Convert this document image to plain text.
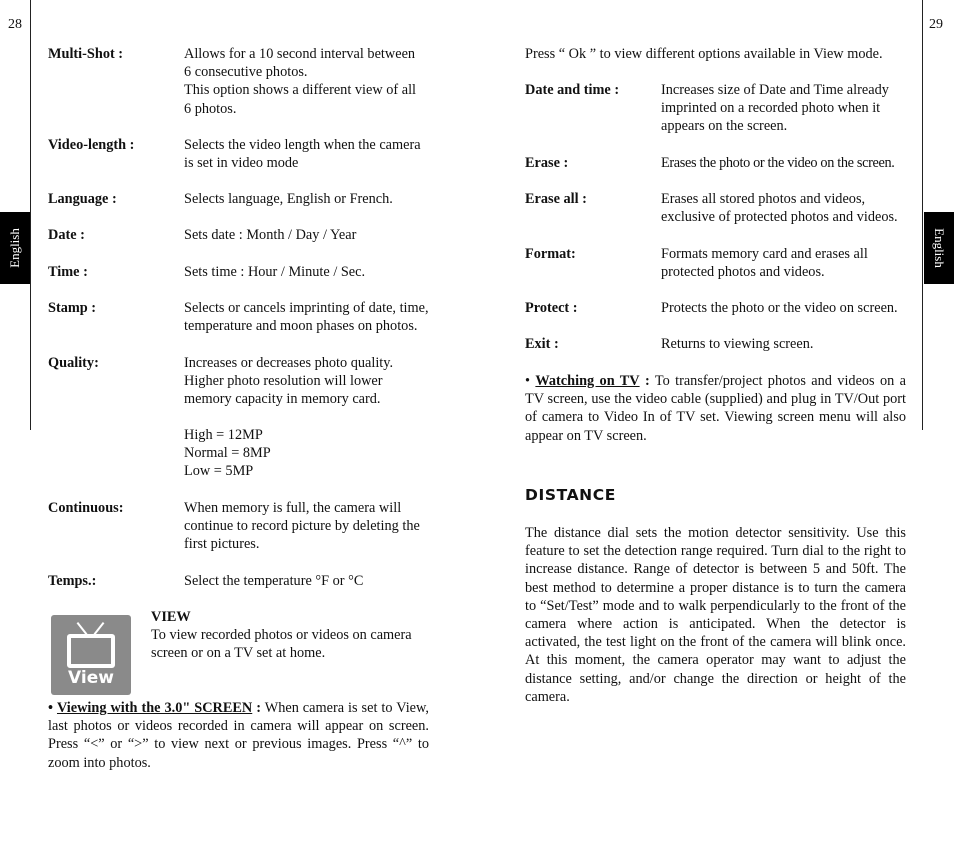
28	29
English	English
Multi-Shot :	Allows for a 10 second interval between
6 consecutive photos.
This option shows a different view of all
6 photos.
Video-length :	Selects the video length when the camera
is set in video mode
Language :	Selects language, English or French.
Date :	Sets date : Month / Day / Year
Time :	Sets time : Hour / Minute / Sec.
Stamp :	Selects or cancels imprinting of date, time,
temperature and moon phases on photos.
Quality:	Increases or decreases photo quality.
Higher photo resolution will lower
memory capacity in memory card.
High = 12MP
Normal = 8MP
Low = 5MP
Continuous:	When memory is full, the camera will
continue to record picture by deleting the
first pictures.
Temps.:	Select the temperature °F or °C
View
VIEW
To view recorded photos or videos on camera
screen or on a TV set at home.
• Viewing with the 3.0" SCREEN : When camera is set to View, last photos or videos recorded in camera will appear on screen. Press “<” or “>” to view next or previous images. Press “^” to zoom into photos.
Press “ Ok ” to view different options available in View mode.
Date and time :	Increases size of Date and Time already
imprinted on a recorded photo when it
appears on the screen.
Erase :	Erases the photo or the video on the screen.
Erase all :	Erases all stored photos and videos,
exclusive of protected photos and videos.
Format:	Formats memory card and erases all
protected photos and videos.
Protect :	Protects the photo or the video on screen.
Exit :	Returns to viewing screen.
• Watching on TV : To transfer/project photos and videos on a TV screen, use the video cable (supplied) and plug in TV/Out port of camera to Video In of TV set. Viewing screen menu will also appear on TV screen.
DISTANCE
The distance dial sets the motion detector sensitivity. Use this feature to set the detection range required. Turn dial to the right to increase distance. Range of detector is between 5 and 50ft. The best method to determine a proper distance is to turn the camera to “Set/Test” mode and to walk perpendicularly to the front of the camera where action is anticipated. When the detector is activated, the test light on the front of the camera will blink once. At this moment, the camera operator may want to adjust the distance setting, and/or change the direction or height of the camera.
